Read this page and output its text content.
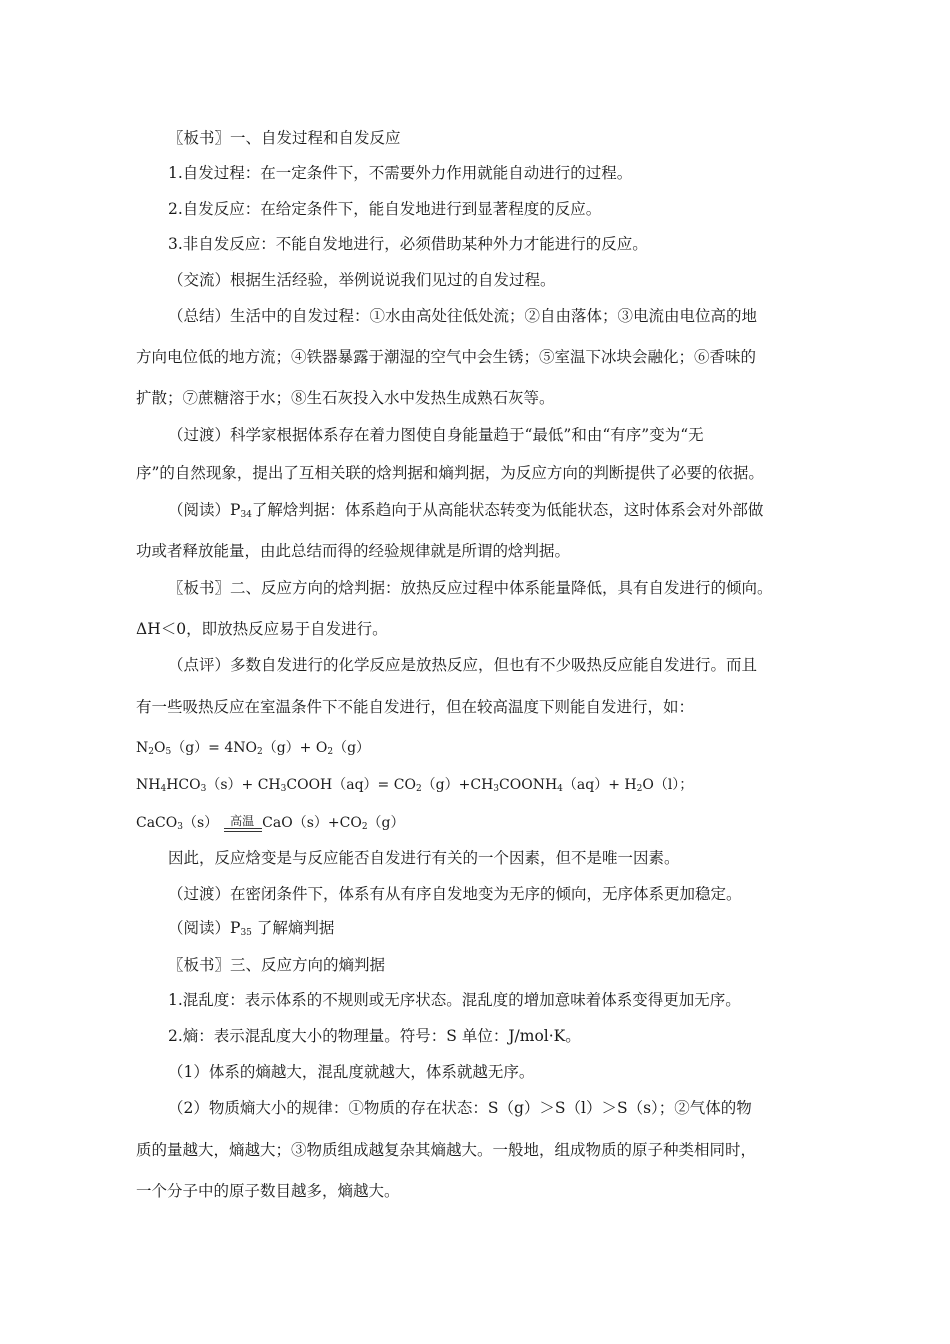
〖板书〗一、自发过程和自发反应
1.自发过程：在一定条件下，不需要外力作用就能自动进行的过程。
2.自发反应：在给定条件下，能自发地进行到显著程度的反应。
3.非自发反应：不能自发地进行，必须借助某种外力才能进行的反应。
（交流）根据生活经验，举例说说我们见过的自发过程。
（总结）生活中的自发过程：①水由高处往低处流；②自由落体；③电流由电位高的地
方向电位低的地方流；④铁器暴露于潮湿的空气中会生锈；⑤室温下冰块会融化；⑥香味的
扩散；⑦蔗糖溶于水；⑧生石灰投入水中发热生成熟石灰等。
（过渡）科学家根据体系存在着力图使自身能量趋于“最低”和由“有序”变为“无
序”的自然现象，提出了互相关联的焓判据和熵判据，为反应方向的判断提供了必要的依据。
（阅读）$P_{34}$了解焓判据：体系趋向于从高能状态转变为低能状态，这时体系会对外部做
功或者释放能量，由此总结而得的经验规律就是所谓的焓判据。
〖板书〗二、反应方向的焓判据：放热反应过程中体系能量降低，具有自发进行的倾向。
ΔH＜0，即放热反应易于自发进行。
（点评）多数自发进行的化学反应是放热反应，但也有不少吸热反应能自发进行。而且
有一些吸热反应在室温条件下不能自发进行，但在较高温度下则能自发进行，如：
$N_2O_5(g)= 4NO_2(g)+ O_2(g)$
$NH_4HCO_3(s)+$ $CH_3COOH(aq)=$ $CO_2(g)+CH_3COONH_4(aq)+ H_2O(l)$；
CaCO$_3$（s） 高温 $CaO(s)+CO_2(g)$
因此，反应焓变是与反应能否自发进行有关的一个因素，但不是唯一因素。
（过渡）在密闭条件下，体系有从有序自发地变为无序的倾向，无序体系更加稳定。
（阅读）$P_{35}$ 了解熵判据
〖板书〗三、反应方向的熵判据
1.混乱度：表示体系的不规则或无序状态。混乱度的增加意味着体系变得更加无序。
2.熵：表示混乱度大小的物理量。符号：S 单位：J/mol·K。
（1）体系的熵越大，混乱度就越大，体系就越无序。
（2）物质熵大小的规律：①物质的存在状态：S（g）＞S（l）＞S（s）；②气体的物
质的量越大，熵越大；③物质组成越复杂其熵越大。一般地，组成物质的原子种类相同时，
一个分子中的原子数目越多，熵越大。
